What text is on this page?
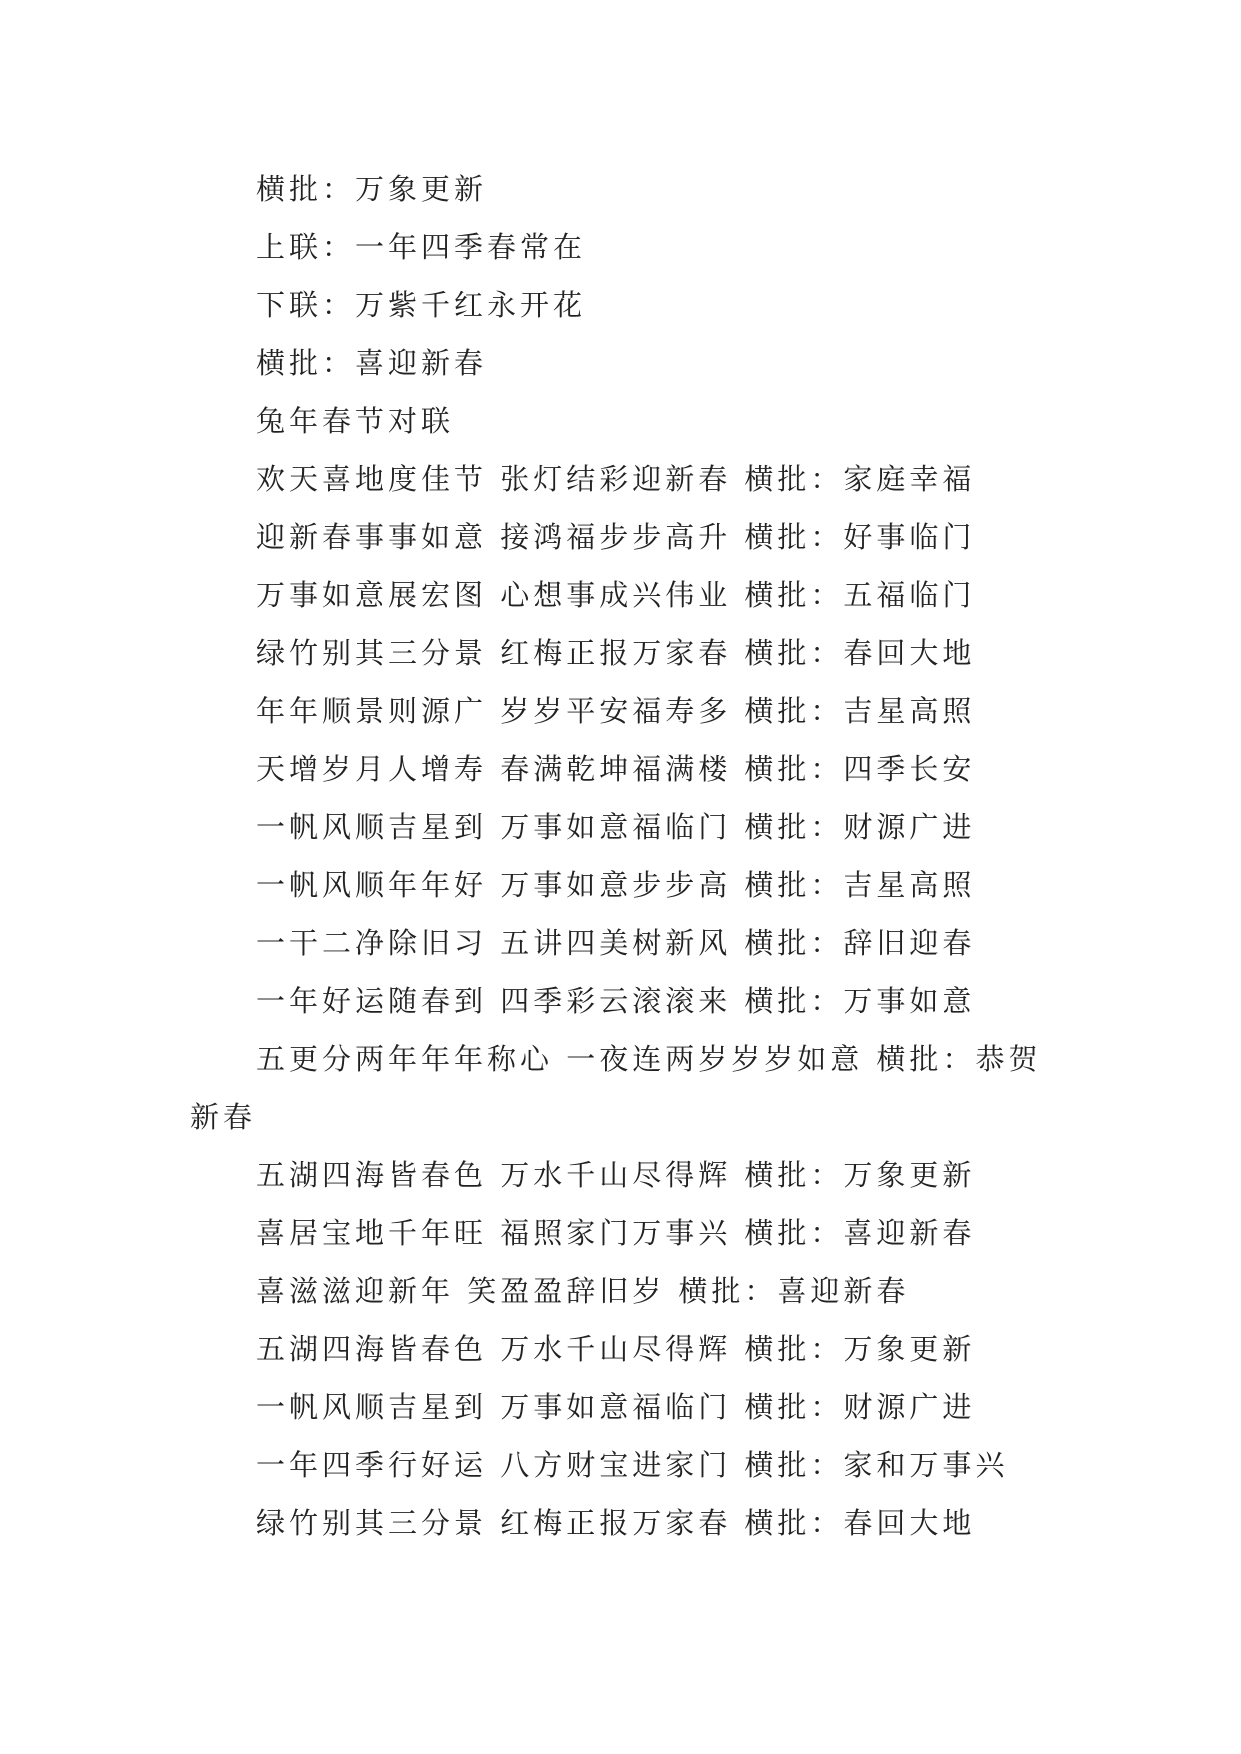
横批：万象更新
上联：一年四季春常在
下联：万紫千红永开花
横批：喜迎新春
兔年春节对联
欢天喜地度佳节 张灯结彩迎新春 横批：家庭幸福
迎新春事事如意 接鸿福步步高升 横批：好事临门
万事如意展宏图 心想事成兴伟业 横批：五福临门
绿竹别其三分景 红梅正报万家春 横批：春回大地
年年顺景则源广 岁岁平安福寿多 横批：吉星高照
天增岁月人增寿 春满乾坤福满楼 横批：四季长安
一帆风顺吉星到 万事如意福临门 横批：财源广进
一帆风顺年年好 万事如意步步高 横批：吉星高照
一干二净除旧习 五讲四美树新风 横批：辞旧迎春
一年好运随春到 四季彩云滚滚来 横批：万事如意
五更分两年年年称心 一夜连两岁岁岁如意 横批：恭贺新春
五湖四海皆春色 万水千山尽得辉 横批：万象更新
喜居宝地千年旺 福照家门万事兴 横批：喜迎新春
喜滋滋迎新年 笑盈盈辞旧岁 横批：喜迎新春
五湖四海皆春色 万水千山尽得辉 横批：万象更新
一帆风顺吉星到 万事如意福临门 横批：财源广进
一年四季行好运 八方财宝进家门 横批：家和万事兴
绿竹别其三分景 红梅正报万家春 横批：春回大地
